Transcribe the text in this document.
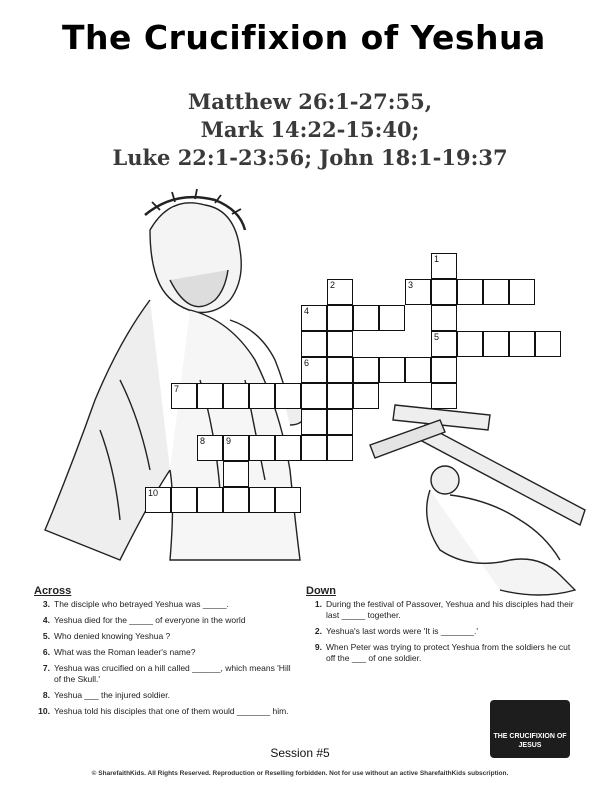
The Crucifixion of Yeshua
Matthew 26:1-27:55,
Mark 14:22-15:40;
Luke 22:1-23:56; John 18:1-19:37
1
2	3
4
5
6
7
8 9
10
Across
3. The disciple who betrayed Yeshua was _____.
4. Yeshua died for the _____ of everyone in the world
5. Who denied knowing Yeshua ?
6. What was the Roman leader's name?
7. Yeshua was crucified on a hill called ______, which means 'Hill of the Skull.'
8. Yeshua ___ the injured soldier.
10. Yeshua told his disciples that one of them would _______ him.
Down
1. During the festival of Passover, Yeshua and his disciples had their last _____ together.
2. Yeshua's last words were 'It is _______.'
9. When Peter was trying to protect Yeshua from the soldiers he cut off the ___ of one soldier.
THE CRUCIFIXION OF JESUS
Session #5
© SharefaithKids. All Rights Reserved. Reproduction or Reselling forbidden. Not for use without an active SharefaithKids subscription.
